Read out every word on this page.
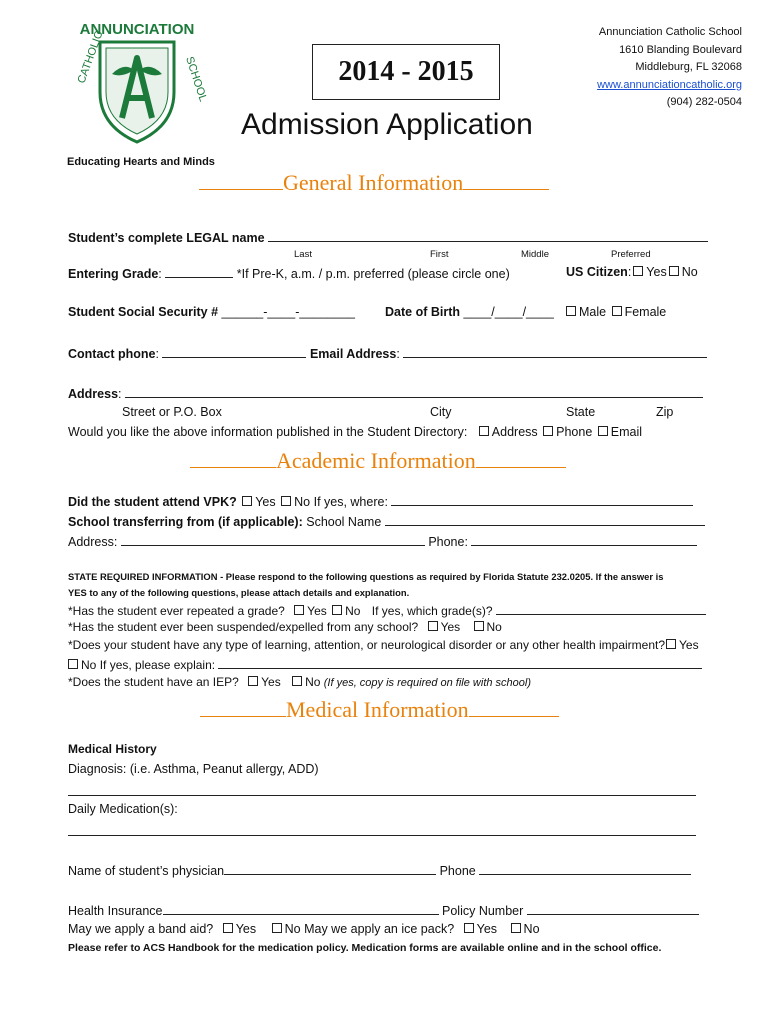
ANNUNCIATION
CATHOLIC	SCHOOL
Educating Hearts and Minds
2014 - 2015
Admission Application
Annunciation Catholic School
1610 Blanding Boulevard
Middleburg, FL 32068
www.annunciationcatholic.org
(904) 282-0504
General Information
Student’s complete LEGAL name
Last	First	Middle	Preferred
Entering Grade:	*If Pre-K, a.m. / p.m. preferred (please circle one)	US Citizen: Yes No
Student Social Security # ______-____-________ Date of Birth ____/____/____	Male Female
Contact phone:	Email Address:
Address:
Street or P.O. Box	City	State	Zip
Would you like the above information published in the Student Directory: Address Phone Email
Academic Information
Did the student attend VPK? Yes No If yes, where:
School transferring from (if applicable): School Name
Address:	Phone:
STATE REQUIRED INFORMATION - Please respond to the following questions as required by Florida Statute 232.0205. If the answer is
YES to any of the following questions, please attach details and explanation.
*Has the student ever repeated a grade? Yes No If yes, which grade(s)?
*Has the student ever been suspended/expelled from any school? Yes No
*Does your student have any type of learning, attention, or neurological disorder or any other health impairment?	Yes
No If yes, please explain:
*Does the student have an IEP? Yes No (If yes, copy is required on file with school)
Medical Information
Medical History
Diagnosis: (i.e. Asthma, Peanut allergy, ADD)
Daily Medication(s):
Name of student’s physician	Phone
Health Insurance	Policy Number
May we apply a band aid? Yes No May we apply an ice pack? Yes No
Please refer to ACS Handbook for the medication policy. Medication forms are available online and in the school office.
